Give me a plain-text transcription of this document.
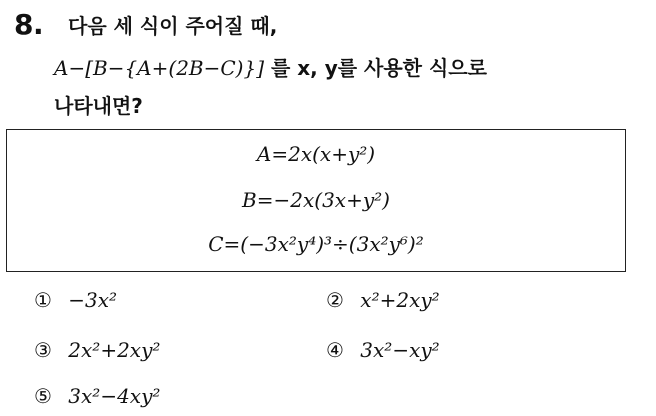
8. 다음 세 식이 주어질 때,
A−[B−{A+(2B−C)}] 를 x, y를 사용한 식으로
나타내면?
A=2x(x+y²)
B=−2x(3x+y²)
C=(−3x²y⁴)³÷(3x²y⁶)²
① −3x²	② x²+2xy²
③ 2x²+2xy²	④ 3x²−xy²
⑤ 3x²−4xy²
